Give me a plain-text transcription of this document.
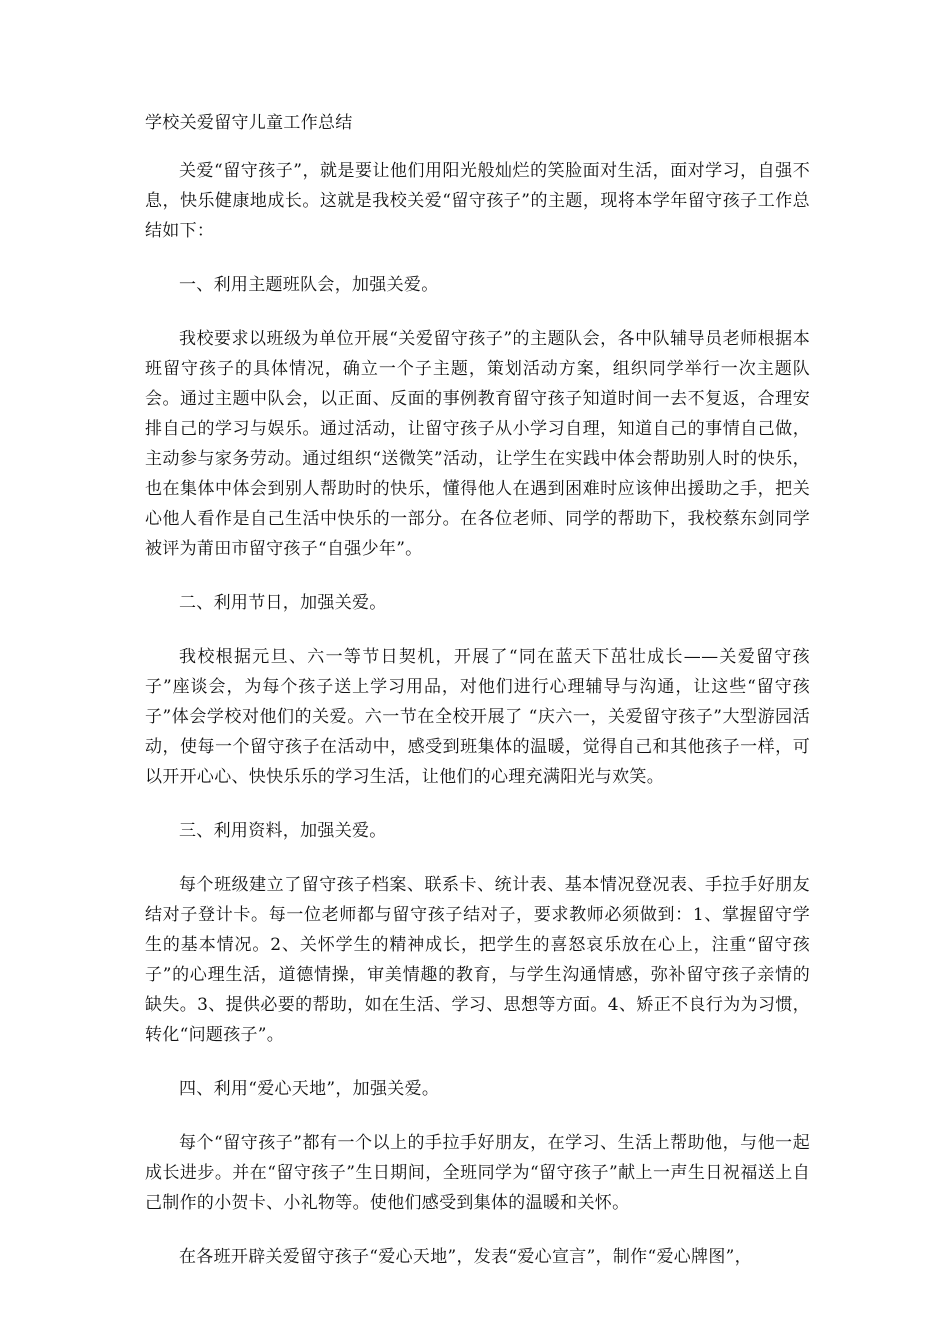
学校关爱留守儿童工作总结

关爱“留守孩子”，就是要让他们用阳光般灿烂的笑脸面对生活，面对学习，自强不息，快乐健康地成长。这就是我校关爱“留守孩子”的主题，现将本学年留守孩子工作总结如下：

一、利用主题班队会，加强关爱。

我校要求以班级为单位开展“关爱留守孩子”的主题队会，各中队辅导员老师根据本班留守孩子的具体情况，确立一个子主题，策划活动方案，组织同学举行一次主题队会。通过主题中队会，以正面、反面的事例教育留守孩子知道时间一去不复返，合理安排自己的学习与娱乐。通过活动，让留守孩子从小学习自理，知道自己的事情自己做，主动参与家务劳动。通过组织“送微笑”活动，让学生在实践中体会帮助别人时的快乐，也在集体中体会到别人帮助时的快乐，懂得他人在遇到困难时应该伸出援助之手，把关心他人看作是自己生活中快乐的一部分。在各位老师、同学的帮助下，我校蔡东剑同学被评为莆田市留守孩子“自强少年”。

二、利用节日，加强关爱。

我校根据元旦、六一等节日契机，开展了“同在蓝天下茁壮成长——关爱留守孩子”座谈会，为每个孩子送上学习用品，对他们进行心理辅导与沟通，让这些“留守孩子”体会学校对他们的关爱。六一节在全校开展了 “庆六一，关爱留守孩子”大型游园活动，使每一个留守孩子在活动中，感受到班集体的温暖，觉得自己和其他孩子一样，可以开开心心、快快乐乐的学习生活，让他们的心理充满阳光与欢笑。

三、利用资料，加强关爱。

每个班级建立了留守孩子档案、联系卡、统计表、基本情况登况表、手拉手好朋友结对子登计卡。每一位老师都与留守孩子结对子，要求教师必须做到：1、掌握留守学生的基本情况。2、关怀学生的精神成长，把学生的喜怒哀乐放在心上，注重“留守孩子”的心理生活，道德情操，审美情趣的教育，与学生沟通情感，弥补留守孩子亲情的缺失。3、提供必要的帮助，如在生活、学习、思想等方面。4、矫正不良行为为习惯，转化“问题孩子”。

四、利用“爱心天地”，加强关爱。

每个“留守孩子”都有一个以上的手拉手好朋友，在学习、生活上帮助他，与他一起成长进步。并在“留守孩子”生日期间，全班同学为“留守孩子”献上一声生日祝福送上自己制作的小贺卡、小礼物等。使他们感受到集体的温暖和关怀。

在各班开辟关爱留守孩子“爱心天地”，发表“爱心宣言”，制作“爱心牌图”，
